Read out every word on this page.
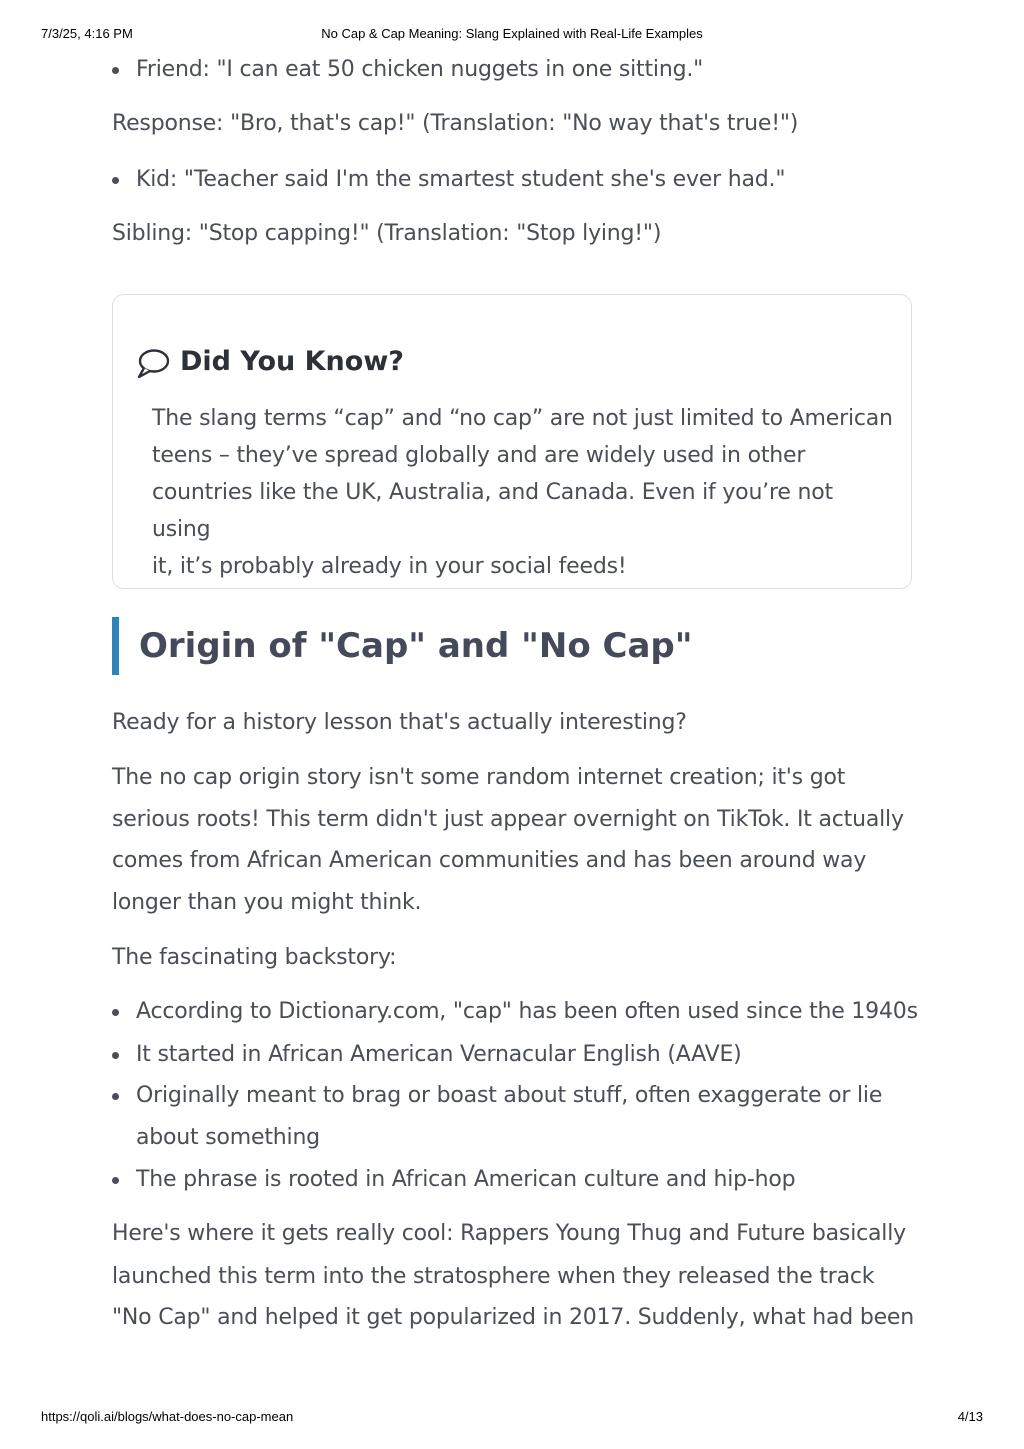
7/3/25, 4:16 PM	No Cap & Cap Meaning: Slang Explained with Real-Life Examples
Friend: "I can eat 50 chicken nuggets in one sitting."
Response: "Bro, that's cap!" (Translation: "No way that's true!")
Kid: "Teacher said I'm the smartest student she's ever had."
Sibling: "Stop capping!" (Translation: "Stop lying!")
Did You Know?
The slang terms “cap” and “no cap” are not just limited to American
teens – they’ve spread globally and are widely used in other
countries like the UK, Australia, and Canada. Even if you’re not using
it, it’s probably already in your social feeds!
Origin of "Cap" and "No Cap"
Ready for a history lesson that's actually interesting?
The no cap origin story isn't some random internet creation; it's got
serious roots! This term didn't just appear overnight on TikTok. It actually
comes from African American communities and has been around way
longer than you might think.
The fascinating backstory:
According to Dictionary.com, "cap" has been often used since the 1940s
It started in African American Vernacular English (AAVE)
Originally meant to brag or boast about stuff, often exaggerate or lie
about something
The phrase is rooted in African American culture and hip-hop
Here's where it gets really cool: Rappers Young Thug and Future basically
launched this term into the stratosphere when they released the track
"No Cap" and helped it get popularized in 2017. Suddenly, what had been
https://qoli.ai/blogs/what-does-no-cap-mean	4/13
